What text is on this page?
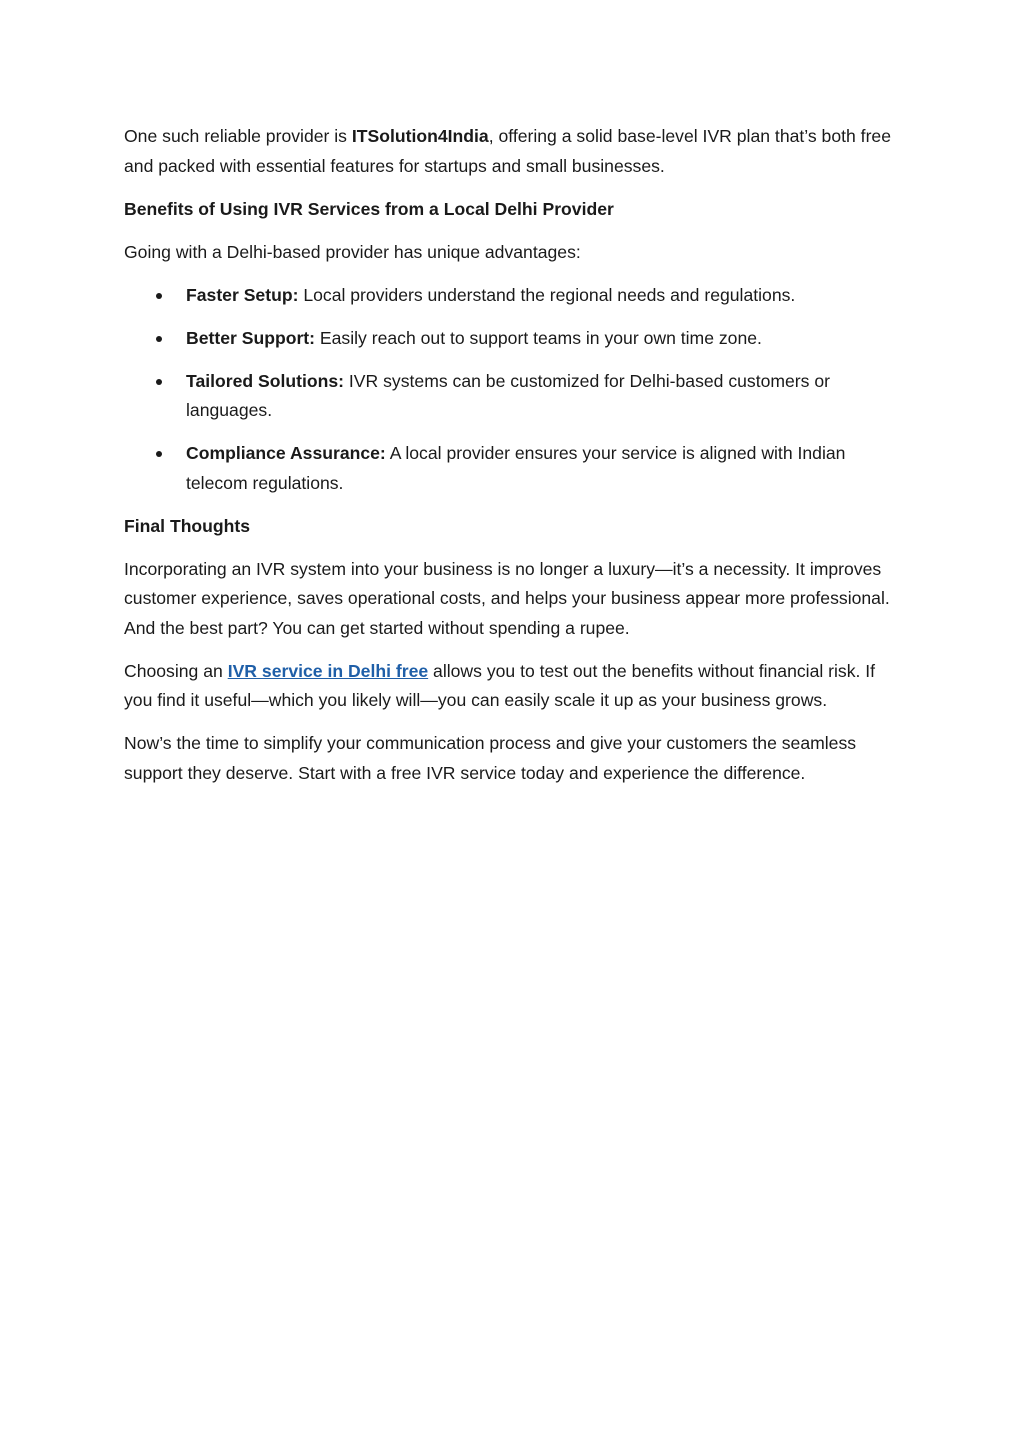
One such reliable provider is ITSolution4India, offering a solid base-level IVR plan that’s both free and packed with essential features for startups and small businesses.

Benefits of Using IVR Services from a Local Delhi Provider

Going with a Delhi-based provider has unique advantages:

Faster Setup: Local providers understand the regional needs and regulations.
Better Support: Easily reach out to support teams in your own time zone.
Tailored Solutions: IVR systems can be customized for Delhi-based customers or languages.
Compliance Assurance: A local provider ensures your service is aligned with Indian telecom regulations.
Final Thoughts

Incorporating an IVR system into your business is no longer a luxury—it’s a necessity. It improves customer experience, saves operational costs, and helps your business appear more professional. And the best part? You can get started without spending a rupee.

Choosing an IVR service in Delhi free allows you to test out the benefits without financial risk. If you find it useful—which you likely will—you can easily scale it up as your business grows.

Now’s the time to simplify your communication process and give your customers the seamless support they deserve. Start with a free IVR service today and experience the difference.
